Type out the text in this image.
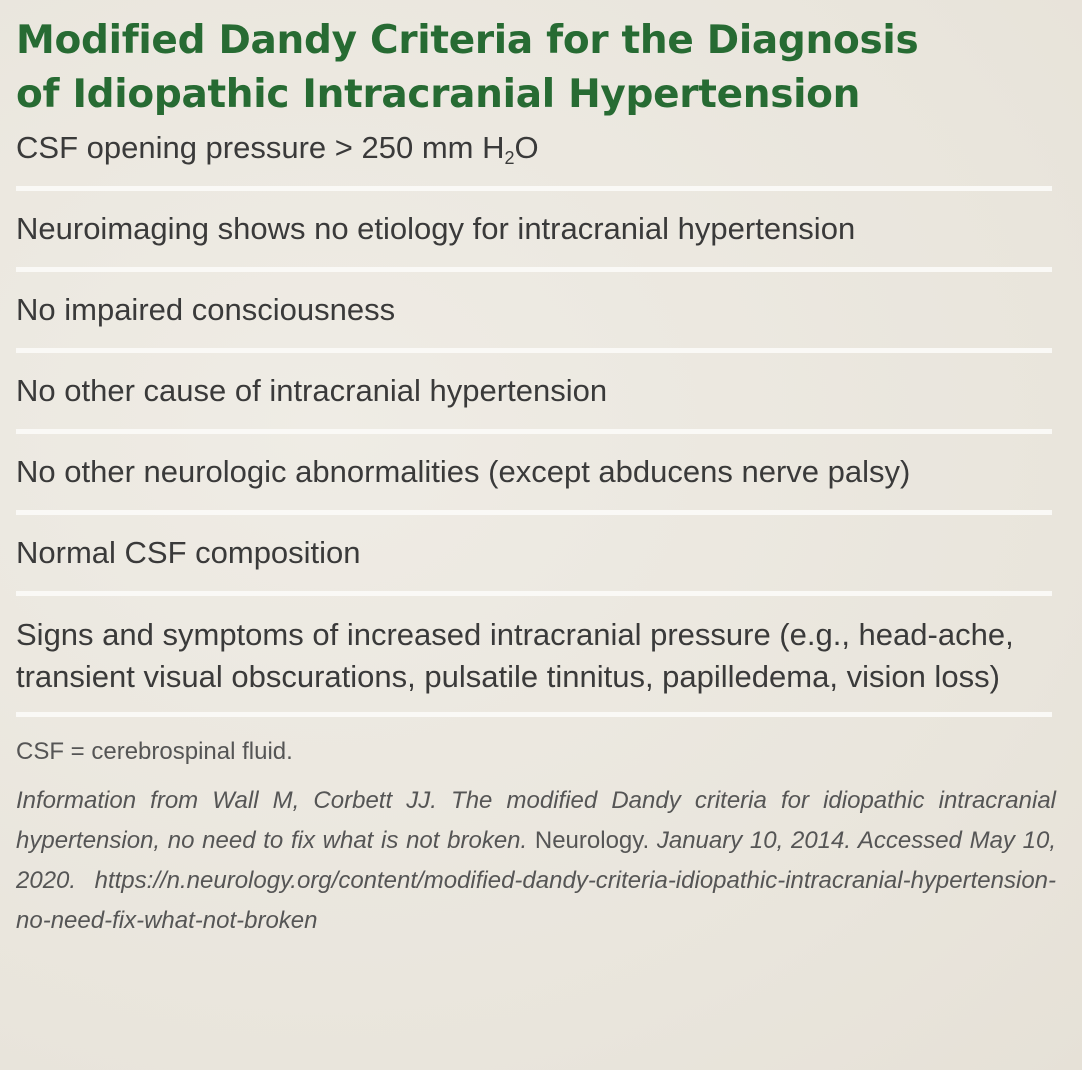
Modified Dandy Criteria for the Diagnosis
of Idiopathic Intracranial Hypertension
CSF opening pressure > 250 mm $H_2O$
Neuroimaging shows no etiology for intracranial hypertension
No impaired consciousness
No other cause of intracranial hypertension
No other neurologic abnormalities (except abducens nerve palsy)
Normal CSF composition
Signs and symptoms of increased intracranial pressure (e.g., head-ache, transient visual obscurations, pulsatile tinnitus, papilledema, vision loss)
CSF = cerebrospinal fluid.
Information from Wall M, Corbett JJ. The modified Dandy criteria for idiopathic intracranial hypertension, no need to fix what is not broken. Neurology. January 10, 2014. Accessed May 10, 2020. https://n.neurology.org/content/modified-dandy-criteria-idiopathic-intracranial-hypertension-no-need-fix-what-not-broken
